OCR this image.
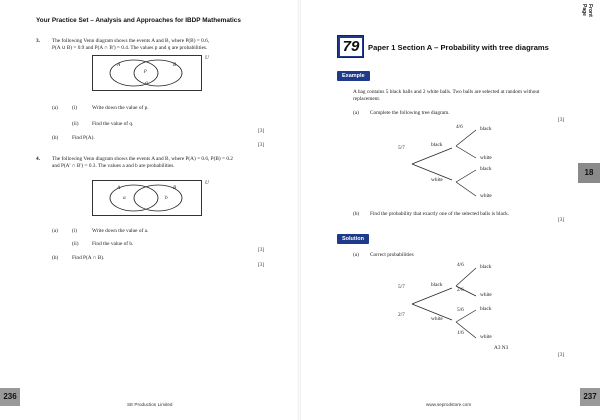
Your Practice Set – Analysis and Approaches for IBDP Mathematics
3. The following Venn diagram shows the events A and B, where P(B) = 0.6,
P(A ∪ B) = 0.9 and P(A ∩ B') = 0.4. The values p and q are probabilities.
A	B
p
q
U
(a)	(i)	Write down the value of p.
(ii)	Find the value of q.
[3]
(b)	Find P(A).
[3]
4. The following Venn diagram shows the events A and B, where P(A) = 0.6, P(B) = 0.2
and P(A' ∩ B') = 0.3. The values a and b are probabilities.
A	B
a	b
U
(a)	(i)	Write down the value of a.
(ii)	Find the value of b.
[3]
(b)	Find P(A ∩ B).
[3]
236
SE Production Limited
Front Page
79	Paper 1 Section A – Probability with tree diagrams
Example
A bag contains 5 black balls and 2 white balls. Two balls are selected at random without
replacement.
(a) Complete the following tree diagram.
[3]
5/7
4/6
black
white
black
white
black
white
(b) Find the probability that exactly one of the selected balls is black.
[3]
Solution
(a) Correct probabilities
5/7
2/7
4/6
2/6
5/6
1/6
black
white
black
white
black
white
A3 N3
[3]
18
237
www.seprodstore.com
